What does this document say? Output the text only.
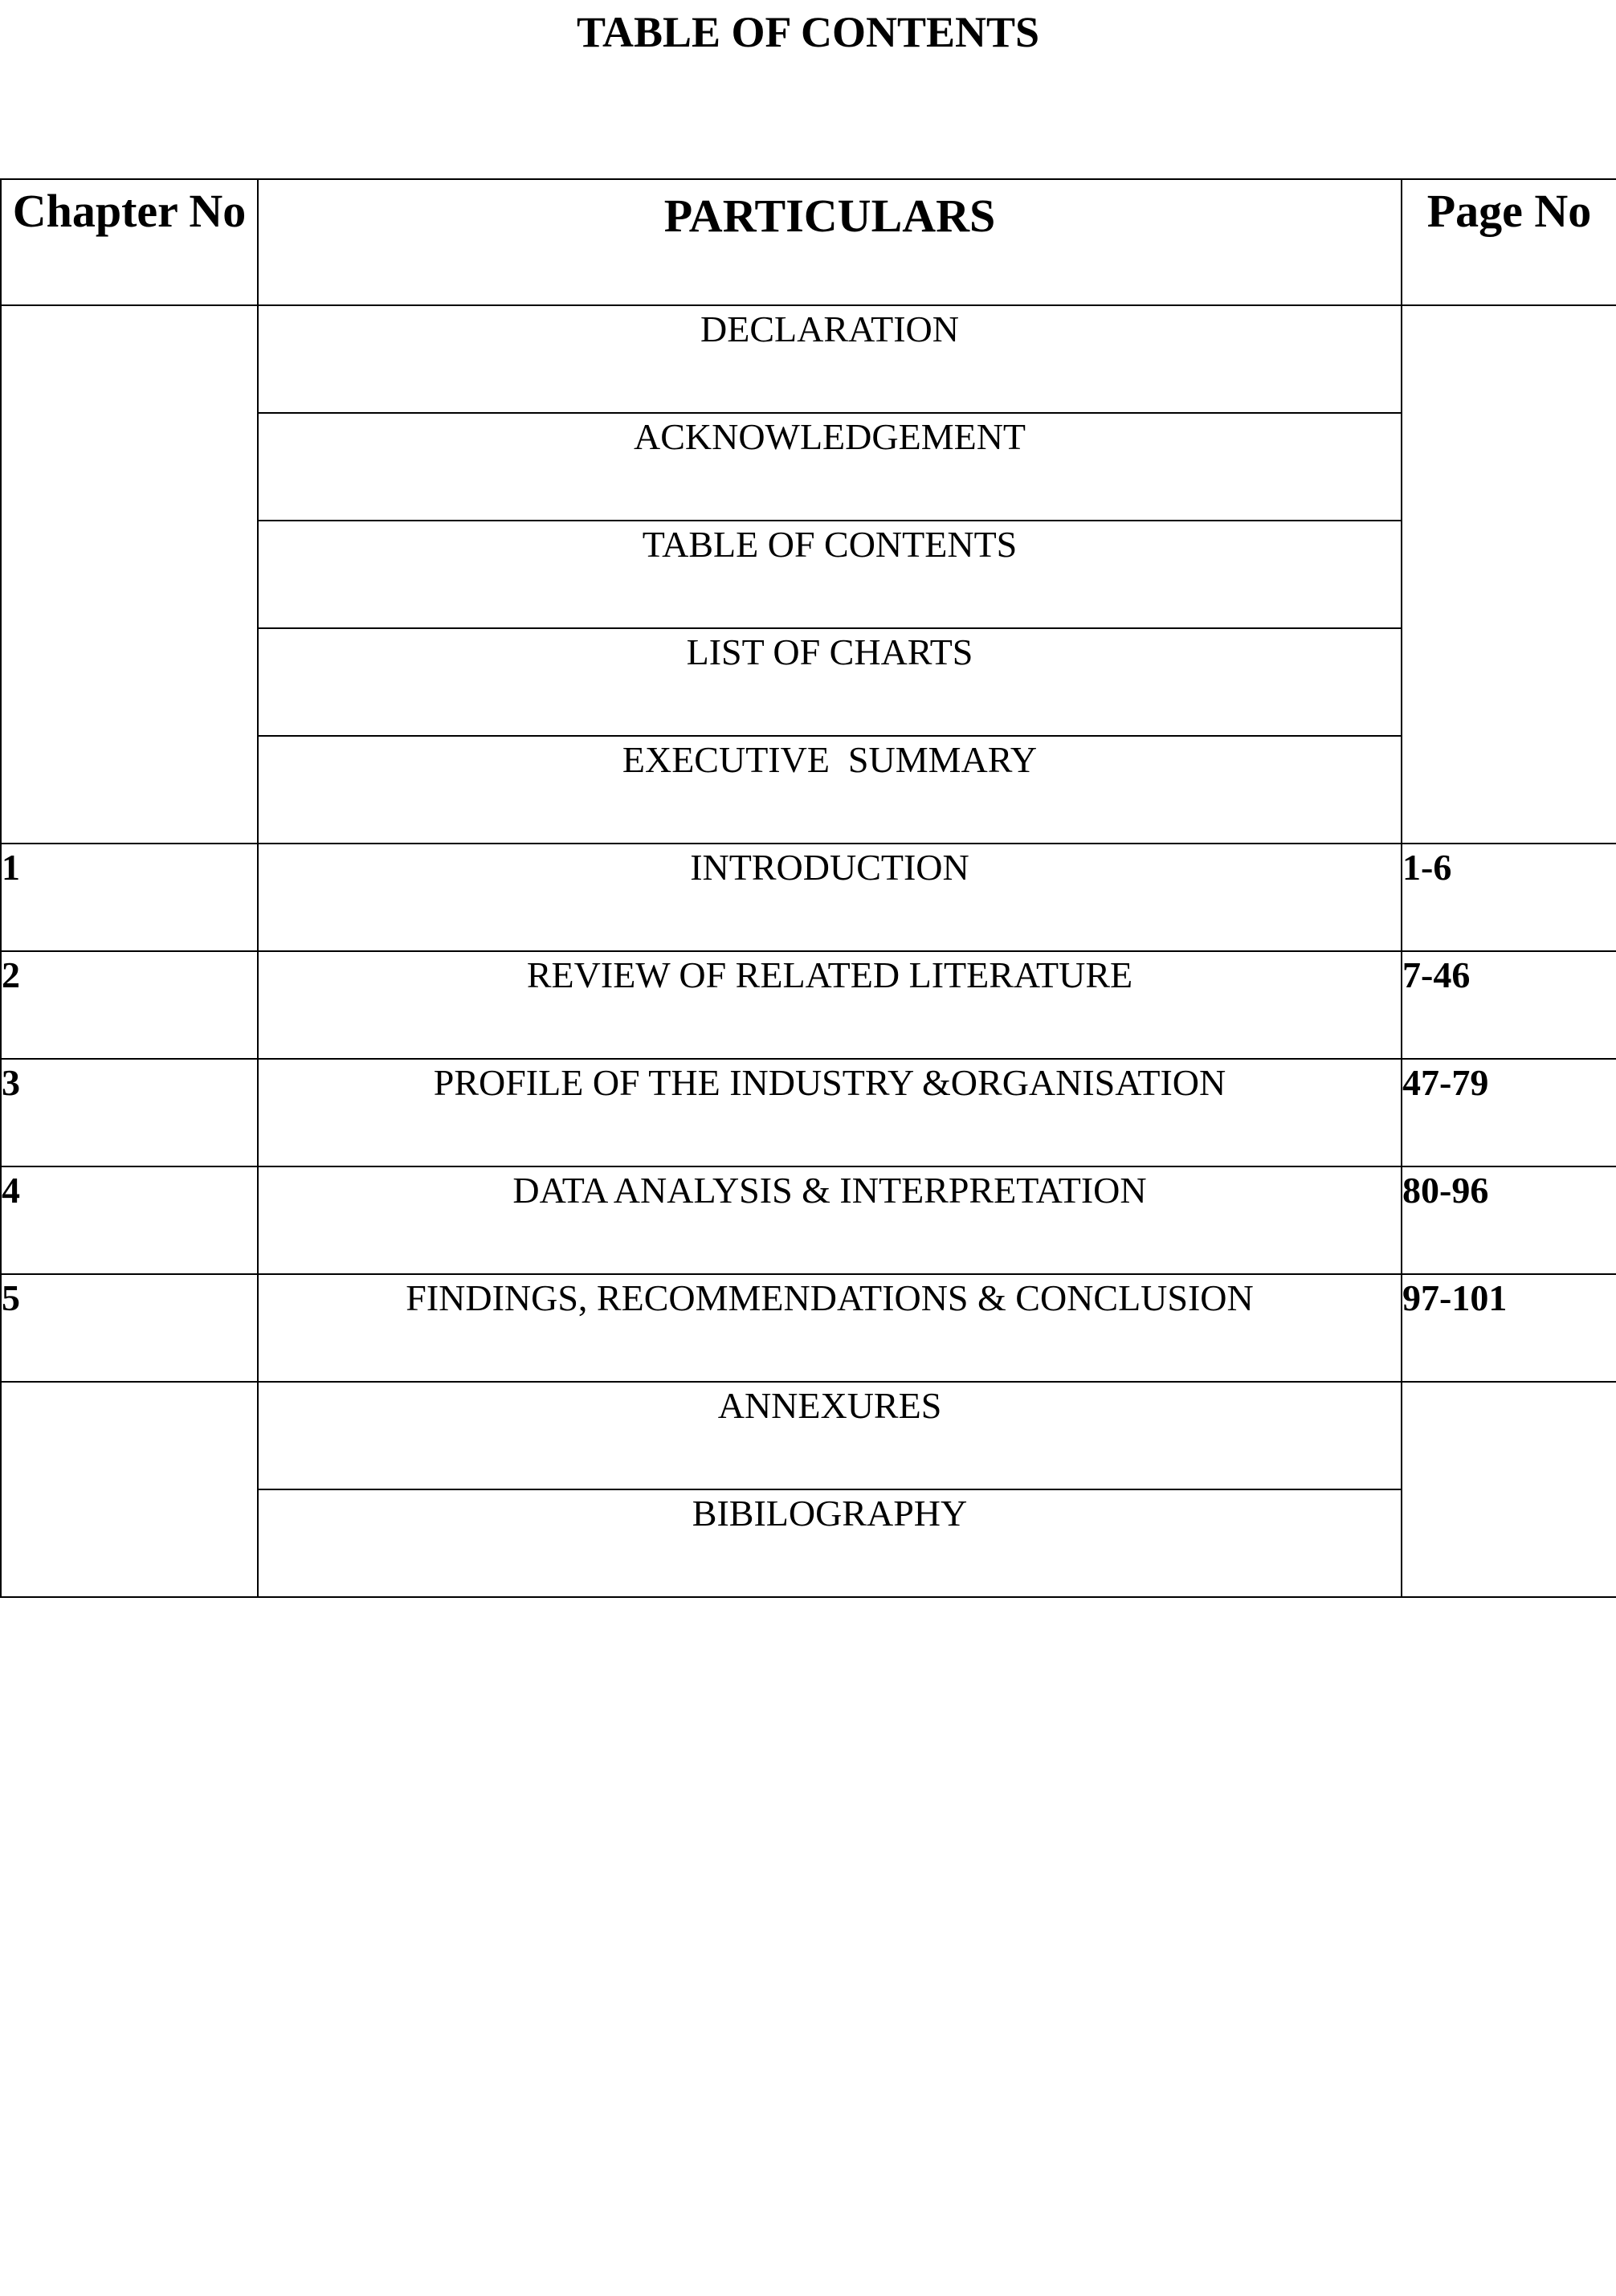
TABLE OF CONTENTS
Chapter No	PARTICULARS	Page No
	DECLARATION	
	ACKNOWLEDGEMENT	
	TABLE OF CONTENTS	
	LIST OF CHARTS	
	EXECUTIVE  SUMMARY	
1	INTRODUCTION	1-6
2	REVIEW OF RELATED LITERATURE	7-46
3	PROFILE OF THE INDUSTRY &ORGANISATION	47-79
4	DATA ANALYSIS & INTERPRETATION	80-96
5	FINDINGS, RECOMMENDATIONS & CONCLUSION	97-101
	ANNEXURES	
	BIBILOGRAPHY	
